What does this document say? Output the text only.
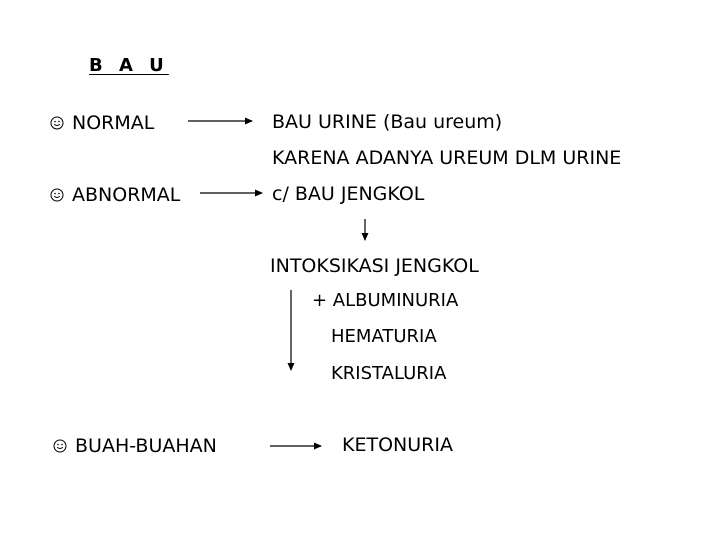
B A U
NORMAL	BAU URINE (Bau ureum)
KARENA ADANYA UREUM DLM URINE
ABNORMAL	c/ BAU JENGKOL
INTOKSIKASI JENGKOL
+ ALBUMINURIA
HEMATURIA
KRISTALURIA
BUAH-BUAHAN	KETONURIA
